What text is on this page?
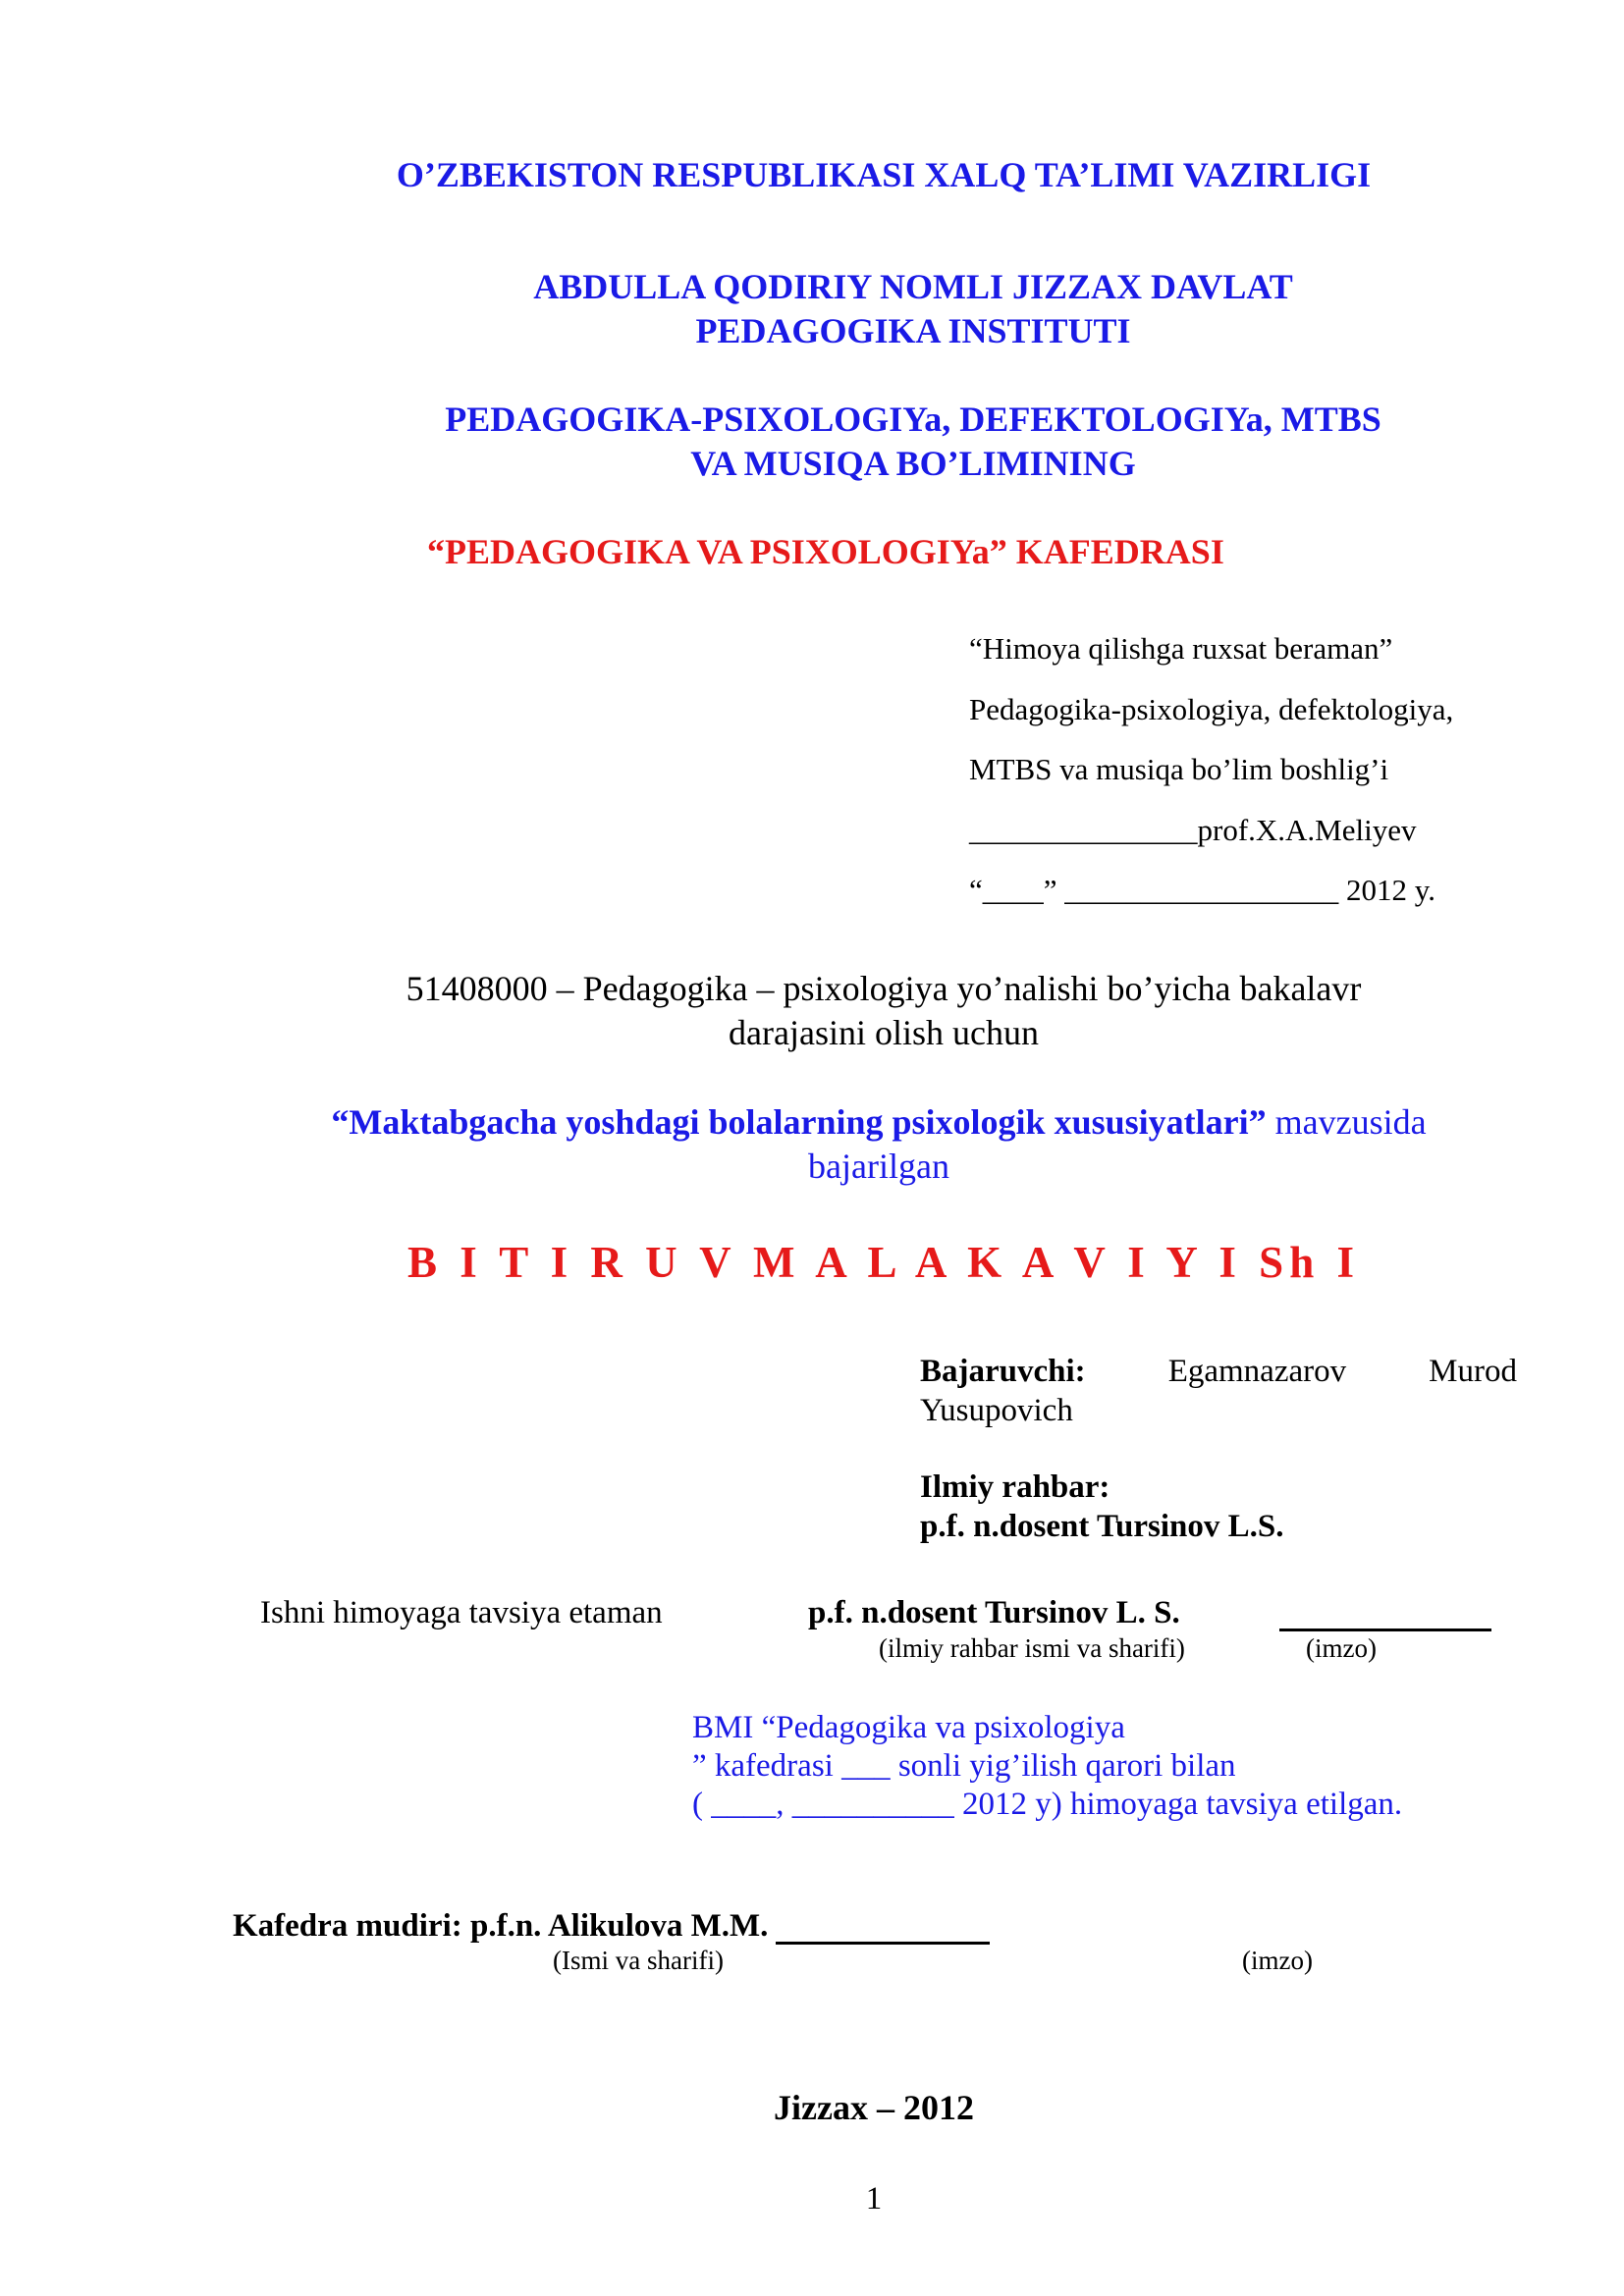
O’ZBEKISTON RESPUBLIKASI XALQ TA’LIMI VAZIRLIGI
ABDULLA QODIRIY NOMLI JIZZAX DAVLAT
PEDAGOGIKA INSTITUTI
PEDAGOGIKA-PSIXOLOGIYa, DEFEKTOLOGIYa, MTBS
VA MUSIQA BO’LIMINING
“PEDAGOGIKA VA PSIXOLOGIYa” KAFEDRASI
“Himoya qilishga ruxsat beraman”
Pedagogika-psixologiya, defektologiya,
MTBS va musiqa bo’lim boshlig’i
_______________prof.X.A.Meliyev
“____” __________________ 2012 y.
51408000 – Pedagogika – psixologiya yo’nalishi bo’yicha bakalavr
darajasini olish uchun
“Maktabgacha yoshdagi bolalarning psixologik xususiyatlari” mavzusida
bajarilgan
B I T I R U V M A L A K A V I Y I Sh I
Bajaruvchi:	Egamnazarov	Murod
Yusupovich
Ilmiy rahbar:
p.f. n.dosent Tursinov L.S.
Ishni himoyaga tavsiya etaman	p.f. n.dosent Tursinov L. S.
(ilmiy rahbar ismi va sharifi)	(imzo)
BMI “Pedagogika va psixologiya
” kafedrasi ___ sonli yig’ilish qarori bilan
( ____, __________ 2012 y) himoyaga tavsiya etilgan.
Kafedra mudiri: p.f.n. Alikulova M.M.
(Ismi va sharifi)	(imzo)
Jizzax – 2012
1
